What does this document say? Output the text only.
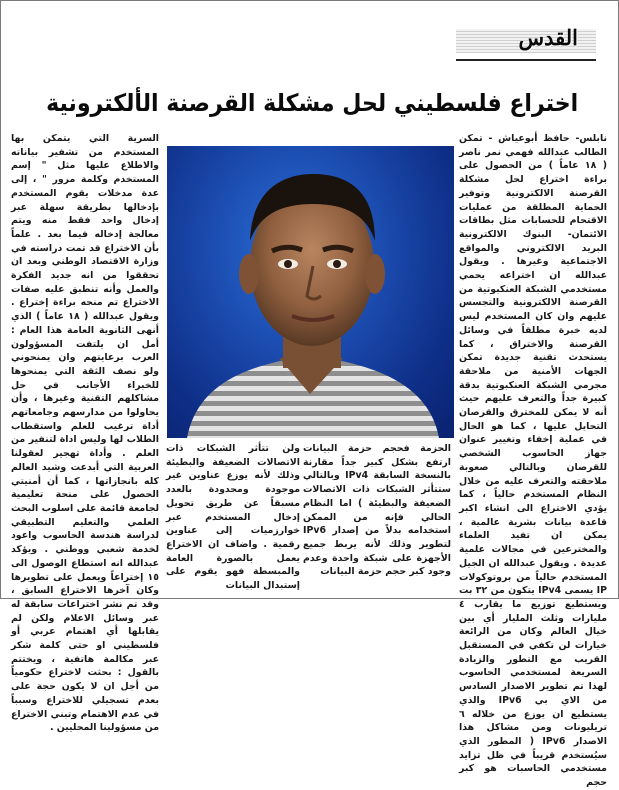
القدس
اختراع فلسطيني لحل مشكلة القرصنة الألكترونية

نابلس- حافظ أبوعياش - تمكن الطالب عبدالله فهمي نمر ناصر ( ١٨ عاماً ) من الحصول على براءة اختراع لحل مشكلة القرصنة الالكترونية وتوفير الحماية المطلقة من عمليات الاقتحام للحسابات مثل بطاقات الائتمان- البنوك الالكترونية البريد الالكتروني والمواقع الاجتماعية وغيرها . ويقول عبدالله ان اختراعه يحمي مستخدمي الشبكة العنكبوتية من القرصنة الالكترونية والتجسس عليهم وان كان المستخدم ليس لديه خبرة مطلقاً في وسائل القرصنة والاختراق ، كما يستحدث تقنية جديدة تمكن الجهات الأمنية من ملاحقة مجرمي الشبكة العنكبوتية بدقة كبيرة جداً والتعرف عليهم حيث أنه لا يمكن للمخترق والقرصان التحايل عليها ، كما هو الحال في عملية إخفاء وتغيير عنوان جهاز الحاسوب الشخصي للقرصان وبالتالي صعوبة ملاحقته والتعرف عليه من خلال النظام المستخدم حالياً ، كما يؤدي الاختراع الى انشاء اكبر قاعدة بيانات بشرية عالمية ، يمكن ان تفيد العلماء والمخترعين في مجالات علمية عديدة . ويقول عبدالله ان الجيل المستخدم حالياً من بروتوكولات IP يسمى IPv4 يتكون من ٣٢ بت ويستطيع توزيع ما يقارب ٤ مليارات وثلث المليار أي بين خيال العالم وكان من الرائعة خيارات لن تكفي في المستقبل القريب مع التطور والزيادة السريعة لمستخدمي الحاسوب لهذا تم تطوير الاصدار السادس من الاي بي IPv6 والذي يستطيع ان يوزع من خلاله ٦ تريليونات ومن مشاكل هذا الاصدار IPv6 ( المطور الذي سيُستخدم قريباً في ظل تزايد مستخدمي الحاسبات هو كبر حجم

الحزمة فحجم حزمة البيانات ارتفع بشكل كبير جداً مقارنة بالنسخة السابقة IPv4 وبالتالي ستتأثر الشبكات ذات الاتصالات الضعيفة والبطيئة ) اما النظام الحالي فإنه من الممكن استخدامه بدلاً من إصدار IPv6 لتطوير وذلك لأنه يربط جميع الأجهزة على شبكة واحدة وعدم وجود كبر حجم حزمة البيانات

ولن تتأثر الشبكات ذات الاتصالات الضعيفة والبطيئة وذلك لأنه يوزع عناوين غير موجودة ومحدودة بالعدد مسبقاً عن طريق تحويل إدخال المستخدم عبر خوارزميات إلى عناوين رقمية . واضاف ان الاختراع يعمل بالصورة العامة والمبسطة فهو يقوم على إستبدال البيانات

السرية التي يتمكن بها المستخدم من تشفير بياناته والاطلاع عليها مثل " إسم المستخدم وكلمة مرور " ، إلى عدة مدخلات يقوم المستخدم بإدخالها بطريقة سهلة عبر إدخال واحد فقط منه ويتم معالجة إدخاله فيما بعد . علماً بأن الاختراع قد تمت دراسته في وزارة الاقتصاد الوطني وبعد ان تحققوا من انه جديد الفكرة والعمل وأنه تنطبق عليه صفات الاختراع تم منحه براءة إختراع . ويقول عبدالله ( ١٨ عاماً ) الذي أنهى الثانوية العامة هذا العام : أمل ان يلتفت المسؤولون العرب برعايتهم وان يمنحوني ولو نصف الثقة التي يمنحوها للخبراء الأجانب في حل مشاكلهم التقنية وغيرها ، وأن يحاولوا من مدارسهم وجامعاتهم أداة ترغيب للعلم واستقطاب الطلاب لها وليس اداة لتنفير من العلم . وأداة تهجير لعقولنا العربية التي أبدعت وشيد العالم كله بانجازاتها ، كما أن أمنيتي الحصول على منحة تعليمية لجامعة قائمة على اسلوب البحث العلمي والتعليم التطبيقي لدراسة هندسة الحاسوب واعود لخدمة شعبي ووطني . ويؤكد عبدالله انه استطاع الوصول الى ١٥ إختراعاً ويعمل على تطويرها وكان آخرها الاختراع السابق ، وقد تم نشر اختراعات سابقة له عبر وسائل الاعلام ولكن لم يقابلها أي اهتمام عربي أو فلسطيني او حتى كلمة شكر عبر مكالمة هاتفية ، ويختتم بالقول : بحثت لاختراع حكومياً من أجل ان لا يكون حجة على بعدم تسجيلي للاختراع وسبباً في عدم الاهتمام وتبني الاختراع من مسؤولينا المحليين .
